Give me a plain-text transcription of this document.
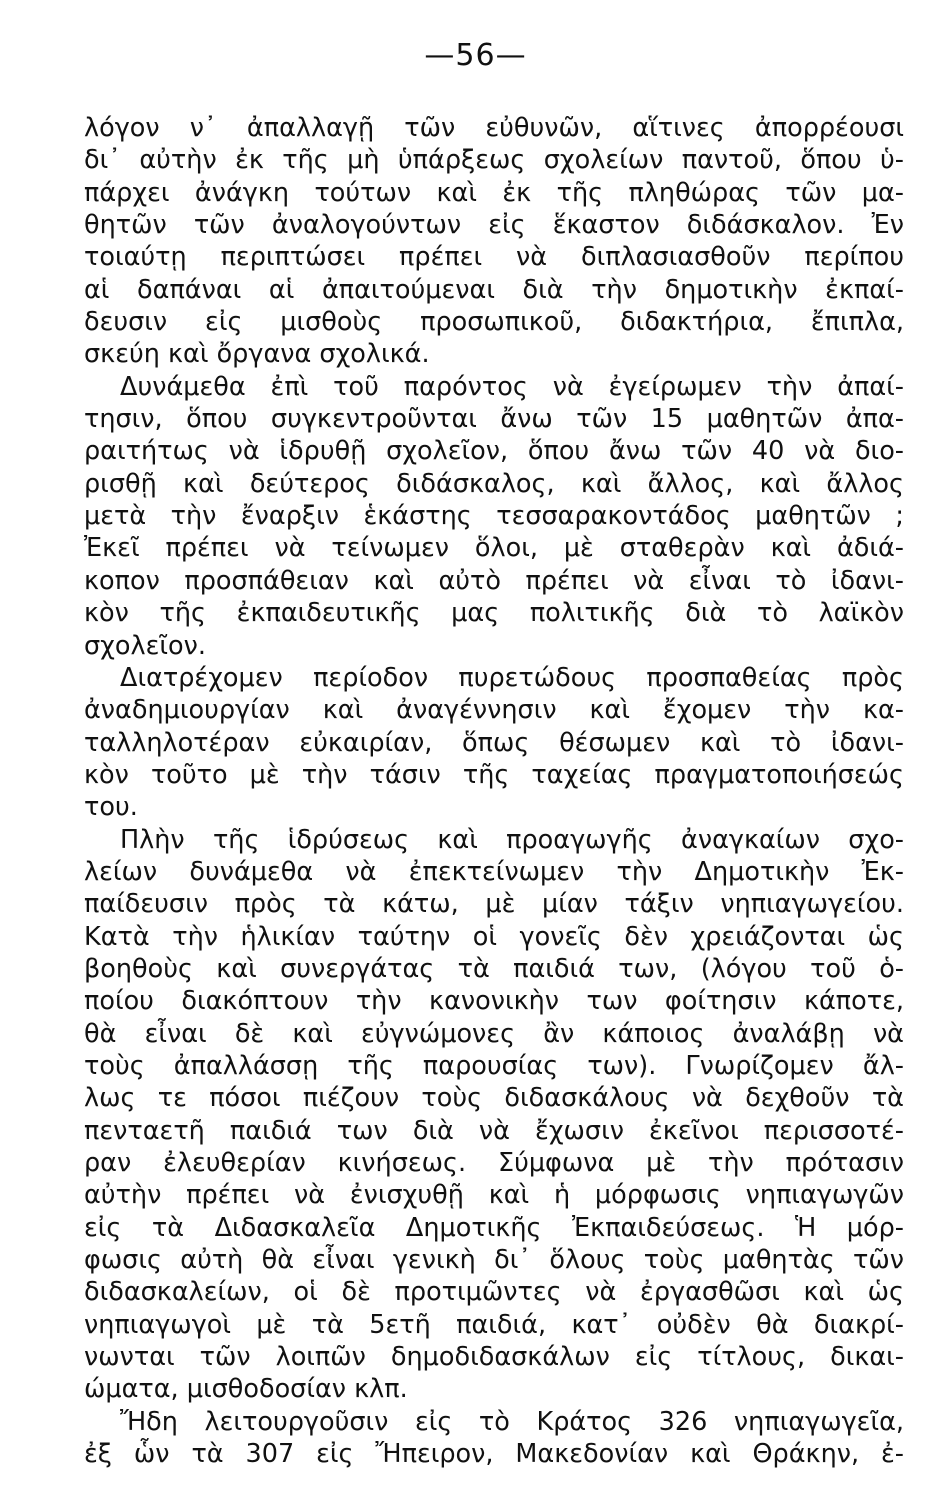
—56—
λόγον ν᾽ ἀπαλλαγῇ τῶν εὐθυνῶν, αἵτινες ἀπορρέουσι
δι᾽ αὐτὴν ἐκ τῆς μὴ ὑπάρξεως σχολείων παντοῦ, ὅπου ὑ-
πάρχει ἀνάγκη τούτων καὶ ἐκ τῆς πληθώρας τῶν μα-
θητῶν τῶν ἀναλογούντων εἰς ἕκαστον διδάσκαλον. Ἐν
τοιαύτῃ περιπτώσει πρέπει νὰ διπλασιασθοῦν περίπου
αἱ δαπάναι αἱ ἀπαιτούμεναι διὰ τὴν δημοτικὴν ἐκπαί-
δευσιν εἰς μισθοὺς προσωπικοῦ, διδακτήρια, ἔπιπλα,
σκεύη καὶ ὄργανα σχολικά.
Δυνάμεθα ἐπὶ τοῦ παρόντος νὰ ἐγείρωμεν τὴν ἀπαί-
τησιν, ὅπου συγκεντροῦνται ἄνω τῶν 15 μαθητῶν ἀπα-
ραιτήτως νὰ ἱδρυθῇ σχολεῖον, ὅπου ἄνω τῶν 40 νὰ διο-
ρισθῇ καὶ δεύτερος διδάσκαλος, καὶ ἄλλος, καὶ ἄλλος
μετὰ τὴν ἔναρξιν ἑκάστης τεσσαρακοντάδος μαθητῶν ;
Ἐκεῖ πρέπει νὰ τείνωμεν ὅλοι, μὲ σταθερὰν καὶ ἀδιά-
κοπον προσπάθειαν καὶ αὐτὸ πρέπει νὰ εἶναι τὸ ἰδανι-
κὸν τῆς ἐκπαιδευτικῆς μας πολιτικῆς διὰ τὸ λαϊκὸν
σχολεῖον.
Διατρέχομεν περίοδον πυρετώδους προσπαθείας πρὸς
ἀναδημιουργίαν καὶ ἀναγέννησιν καὶ ἔχομεν τὴν κα-
ταλληλοτέραν εὐκαιρίαν, ὅπως θέσωμεν καὶ τὸ ἰδανι-
κὸν τοῦτο μὲ τὴν τάσιν τῆς ταχείας πραγματοποιήσεώς
του.
Πλὴν τῆς ἱδρύσεως καὶ προαγωγῆς ἀναγκαίων σχο-
λείων δυνάμεθα νὰ ἐπεκτείνωμεν τὴν Δημοτικὴν Ἐκ-
παίδευσιν πρὸς τὰ κάτω, μὲ μίαν τάξιν νηπιαγωγείου.
Κατὰ τὴν ἡλικίαν ταύτην οἱ γονεῖς δὲν χρειάζονται ὡς
βοηθοὺς καὶ συνεργάτας τὰ παιδιά των, (λόγου τοῦ ὁ-
ποίου διακόπτουν τὴν κανονικὴν των φοίτησιν κάποτε,
θὰ εἶναι δὲ καὶ εὐγνώμονες ἂν κάποιος ἀναλάβῃ νὰ
τοὺς ἀπαλλάσσῃ τῆς παρουσίας των). Γνωρίζομεν ἄλ-
λως τε πόσοι πιέζουν τοὺς διδασκάλους νὰ δεχθοῦν τὰ
πενταετῆ παιδιά των διὰ νὰ ἔχωσιν ἐκεῖνοι περισσοτέ-
ραν ἐλευθερίαν κινήσεως. Σύμφωνα μὲ τὴν πρότασιν
αὐτὴν πρέπει νὰ ἐνισχυθῇ καὶ ἡ μόρφωσις νηπιαγωγῶν
εἰς τὰ Διδασκαλεῖα Δημοτικῆς Ἐκπαιδεύσεως. Ἡ μόρ-
φωσις αὐτὴ θὰ εἶναι γενικὴ δι᾽ ὅλους τοὺς μαθητὰς τῶν
διδασκαλείων, οἱ δὲ προτιμῶντες νὰ ἐργασθῶσι καὶ ὡς
νηπιαγωγοὶ μὲ τὰ 5ετῆ παιδιά, κατ᾽ οὐδὲν θὰ διακρί-
νωνται τῶν λοιπῶν δημοδιδασκάλων εἰς τίτλους, δικαι-
ώματα, μισθοδοσίαν κλπ.
Ἤδη λειτουργοῦσιν εἰς τὸ Κράτος 326 νηπιαγωγεῖα,
ἐξ ὧν τὰ 307 εἰς Ἤπειρον, Μακεδονίαν καὶ Θράκην, ἐ-
